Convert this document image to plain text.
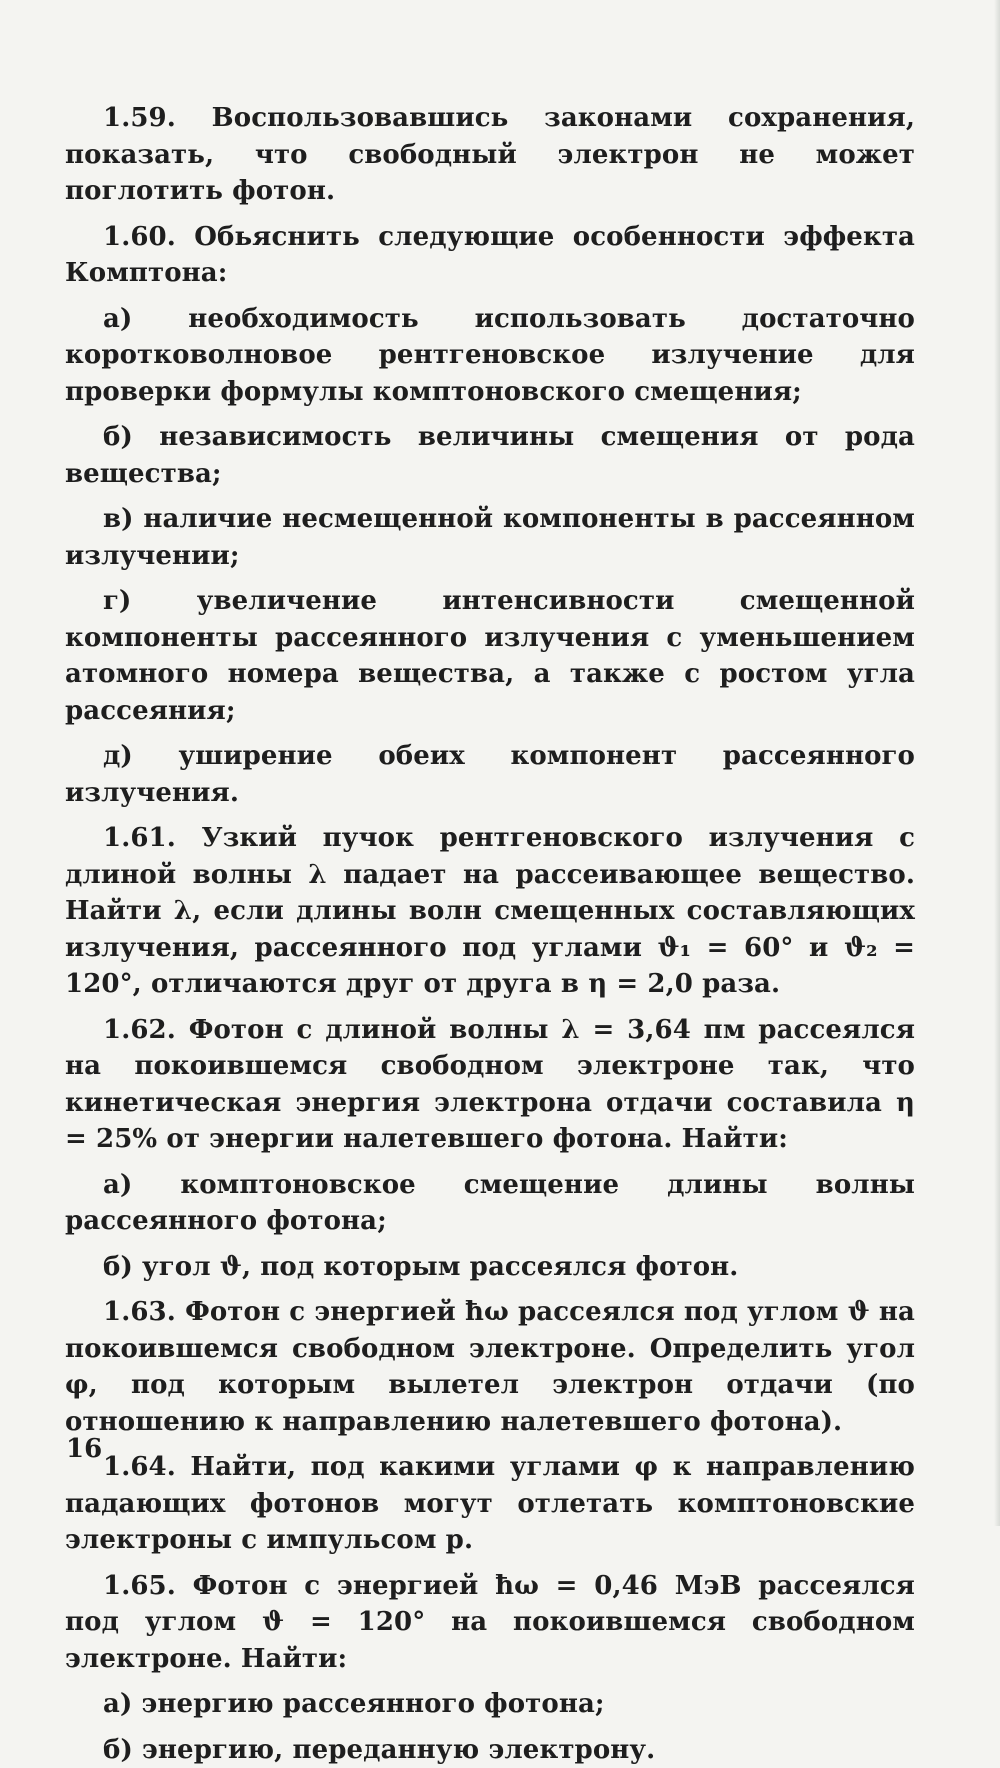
1.59. Воспользовавшись законами сохранения, показать, что свободный электрон не может поглотить фотон.

1.60. Обьяснить следующие особенности эффекта Комптона:

а) необходимость использовать достаточно коротковолновое рентгеновское излучение для проверки формулы комптоновского смещения;

б) независимость величины смещения от рода вещества;

в) наличие несмещенной компоненты в рассеянном излучении;

г) увеличение интенсивности смещенной компоненты рассеянного излучения с уменьшением атомного номера вещества, а также с ростом угла рассеяния;

д) уширение обеих компонент рассеянного излучения.

1.61. Узкий пучок рентгеновского излучения с длиной волны λ падает на рассеивающее вещество. Найти λ, если длины волн смещенных составляющих излучения, рассеянного под углами ϑ₁ = 60° и ϑ₂ = 120°, отличаются друг от друга в η = 2,0 раза.

1.62. Фотон с длиной волны λ = 3,64 пм рассеялся на покоившемся свободном электроне так, что кинетическая энергия электрона отдачи составила η = 25% от энергии налетевшего фотона. Найти:

а) комптоновское смещение длины волны рассеянного фотона;

б) угол ϑ, под которым рассеялся фотон.

1.63. Фотон с энергией ħω рассеялся под углом ϑ на покоившемся свободном электроне. Определить угол φ, под которым вылетел электрон отдачи (по отношению к направлению налетевшего фотона).

1.64. Найти, под какими углами φ к направлению падающих фотонов могут отлетать комптоновские электроны с импульсом p.

1.65. Фотон с энергией ħω = 0,46 МэВ рассеялся под углом ϑ = 120° на покоившемся свободном электроне. Найти:

а) энергию рассеянного фотона;

б) энергию, переданную электрону.

16
